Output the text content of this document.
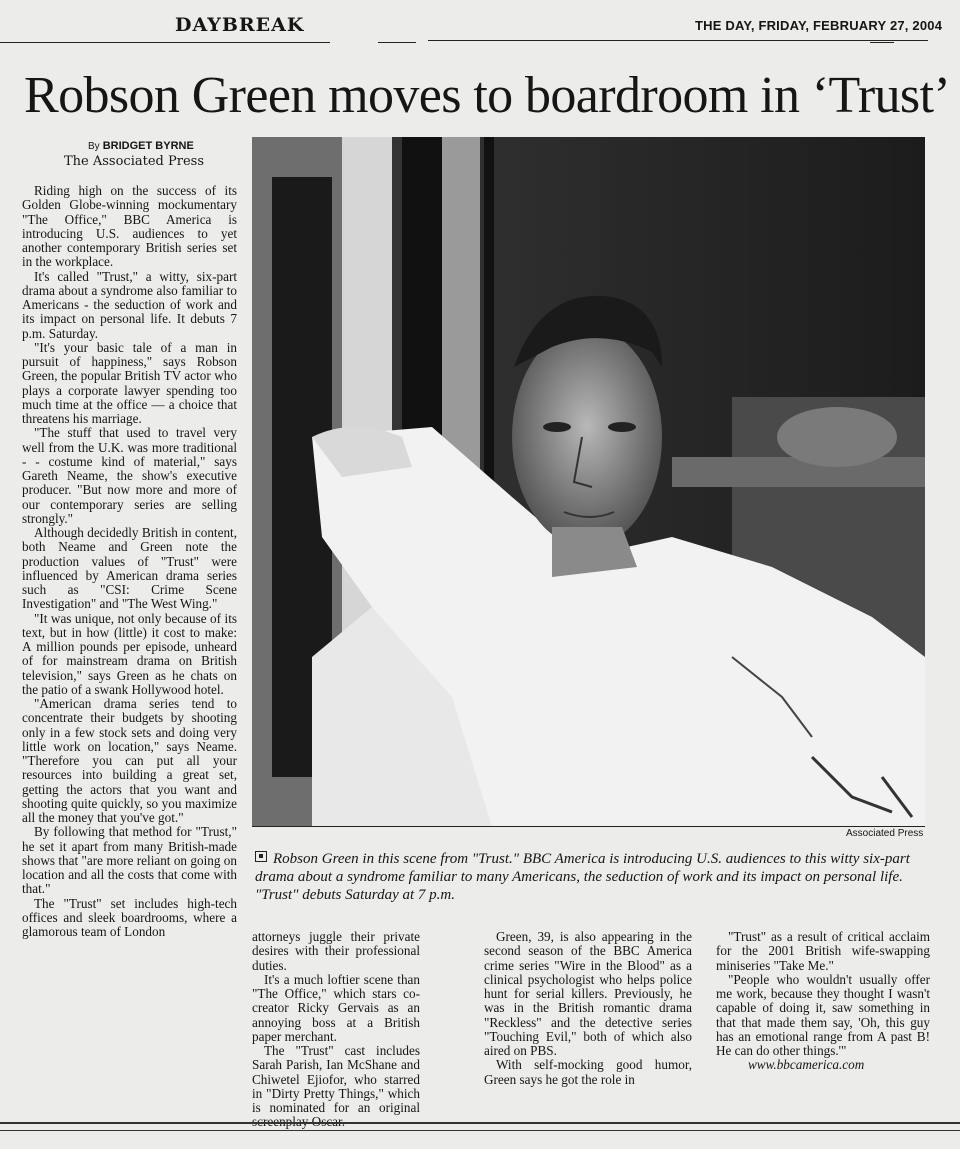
DAYBREAK	THE DAY, FRIDAY, FEBRUARY 27, 2004
Robson Green moves to boardroom in ‘Trust’
By BRIDGET BYRNE
The Associated Press

Riding high on the success of its Golden Globe-winning mockumentary "The Office," BBC America is introducing U.S. audiences to yet another contemporary British series set in the workplace.

It's called "Trust," a witty, six-part drama about a syndrome also familiar to Americans - the seduction of work and its impact on personal life. It debuts 7 p.m. Saturday.

"It's your basic tale of a man in pursuit of happiness," says Robson Green, the popular British TV actor who plays a corporate lawyer spending too much time at the office — a choice that threatens his marriage.

"The stuff that used to travel very well from the U.K. was more traditional - - costume kind of material," says Gareth Neame, the show's executive producer. "But now more and more of our contemporary series are selling strongly."

Although decidedly British in content, both Neame and Green note the production values of "Trust" were influenced by American drama series such as "CSI: Crime Scene Investigation" and "The West Wing."

"It was unique, not only because of its text, but in how (little) it cost to make: A million pounds per episode, unheard of for mainstream drama on British television," says Green as he chats on the patio of a swank Hollywood hotel.

"American drama series tend to concentrate their budgets by shooting only in a few stock sets and doing very little work on location," says Neame. "Therefore you can put all your resources into building a great set, getting the actors that you want and shooting quite quickly, so you maximize all the money that you've got."

By following that method for "Trust," he set it apart from many British-made shows that "are more reliant on going on location and all the costs that come with that."

The "Trust" set includes high-tech offices and sleek boardrooms, where a glamorous team of London

Associated Press
Robson Green in this scene from "Trust." BBC America is introducing U.S. audiences to this witty six-part drama about a syndrome familiar to many Americans, the seduction of work and its impact on personal life. "Trust" debuts Saturday at 7 p.m.

attorneys juggle their private desires with their professional duties.

It's a much loftier scene than "The Office," which stars co-creator Ricky Gervais as an annoying boss at a British paper merchant.

The "Trust" cast includes Sarah Parish, Ian McShane and Chiwetel Ejiofor, who starred in "Dirty Pretty Things," which is nominated for an original

Green, 39, is also appearing in the second season of the BBC America crime series "Wire in the Blood" as a clinical psychologist who helps police hunt for serial killers. Previously, he was in the British romantic drama "Reckless" and the detective series "Touching Evil," both of which also aired on PBS.

With self-mocking good humor, Green says he got the role in

"Trust" as a result of critical acclaim for the 2001 British wife-swapping miniseries "Take Me."

"People who wouldn't usually offer me work, because they thought I wasn't capable of doing it, saw something in that that made them say, 'Oh, this guy has an emotional range from A past B! He can do other things.'"

www.bbcamerica.com
